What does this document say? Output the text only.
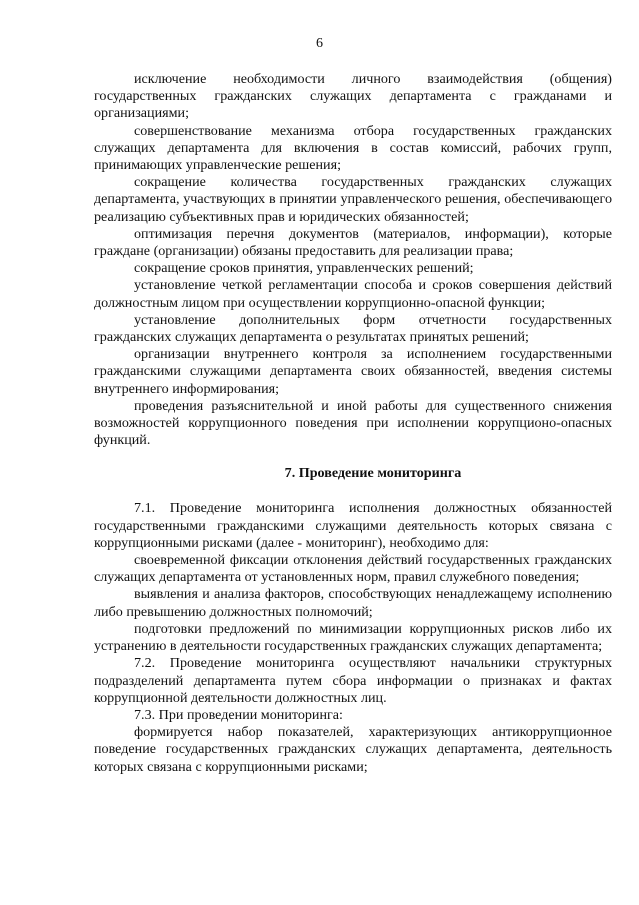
6

исключение необходимости личного взаимодействия (общения) государственных гражданских служащих департамента с гражданами и организациями;

совершенствование механизма отбора государственных гражданских служащих департамента для включения в состав комиссий, рабочих групп, принимающих управленческие решения;

сокращение количества государственных гражданских служащих департамента, участвующих в принятии управленческого решения, обеспечивающего реализацию субъективных прав и юридических обязанностей;

оптимизация перечня документов (материалов, информации), которые граждане (организации) обязаны предоставить для реализации права;

сокращение сроков принятия, управленческих решений;

установление четкой регламентации способа и сроков совершения действий должностным лицом при осуществлении коррупционно-опасной функции;

установление дополнительных форм отчетности государственных гражданских служащих департамента о результатах принятых решений;

организации внутреннего контроля за исполнением государственными гражданскими служащими департамента своих обязанностей, введения системы внутреннего информирования;

проведения разъяснительной и иной работы для существенного снижения возможностей коррупционного поведения при исполнении коррупционо-опасных функций.

7. Проведение мониторинга

7.1. Проведение мониторинга исполнения должностных обязанностей государственными гражданскими служащими деятельность которых связана с коррупционными рисками (далее - мониторинг), необходимо для:

своевременной фиксации отклонения действий государственных гражданских служащих департамента от установленных норм, правил служебного поведения;

выявления и анализа факторов, способствующих ненадлежащему исполнению либо превышению должностных полномочий;

подготовки предложений по минимизации коррупционных рисков либо их устранению в деятельности государственных гражданских служащих департамента;

7.2. Проведение мониторинга осуществляют начальники структурных подразделений департамента путем сбора информации о признаках и фактах коррупционной деятельности должностных лиц.

7.3. При проведении мониторинга:

формируется набор показателей, характеризующих антикоррупционное поведение государственных гражданских служащих департамента, деятельность которых связана с коррупционными рисками;
